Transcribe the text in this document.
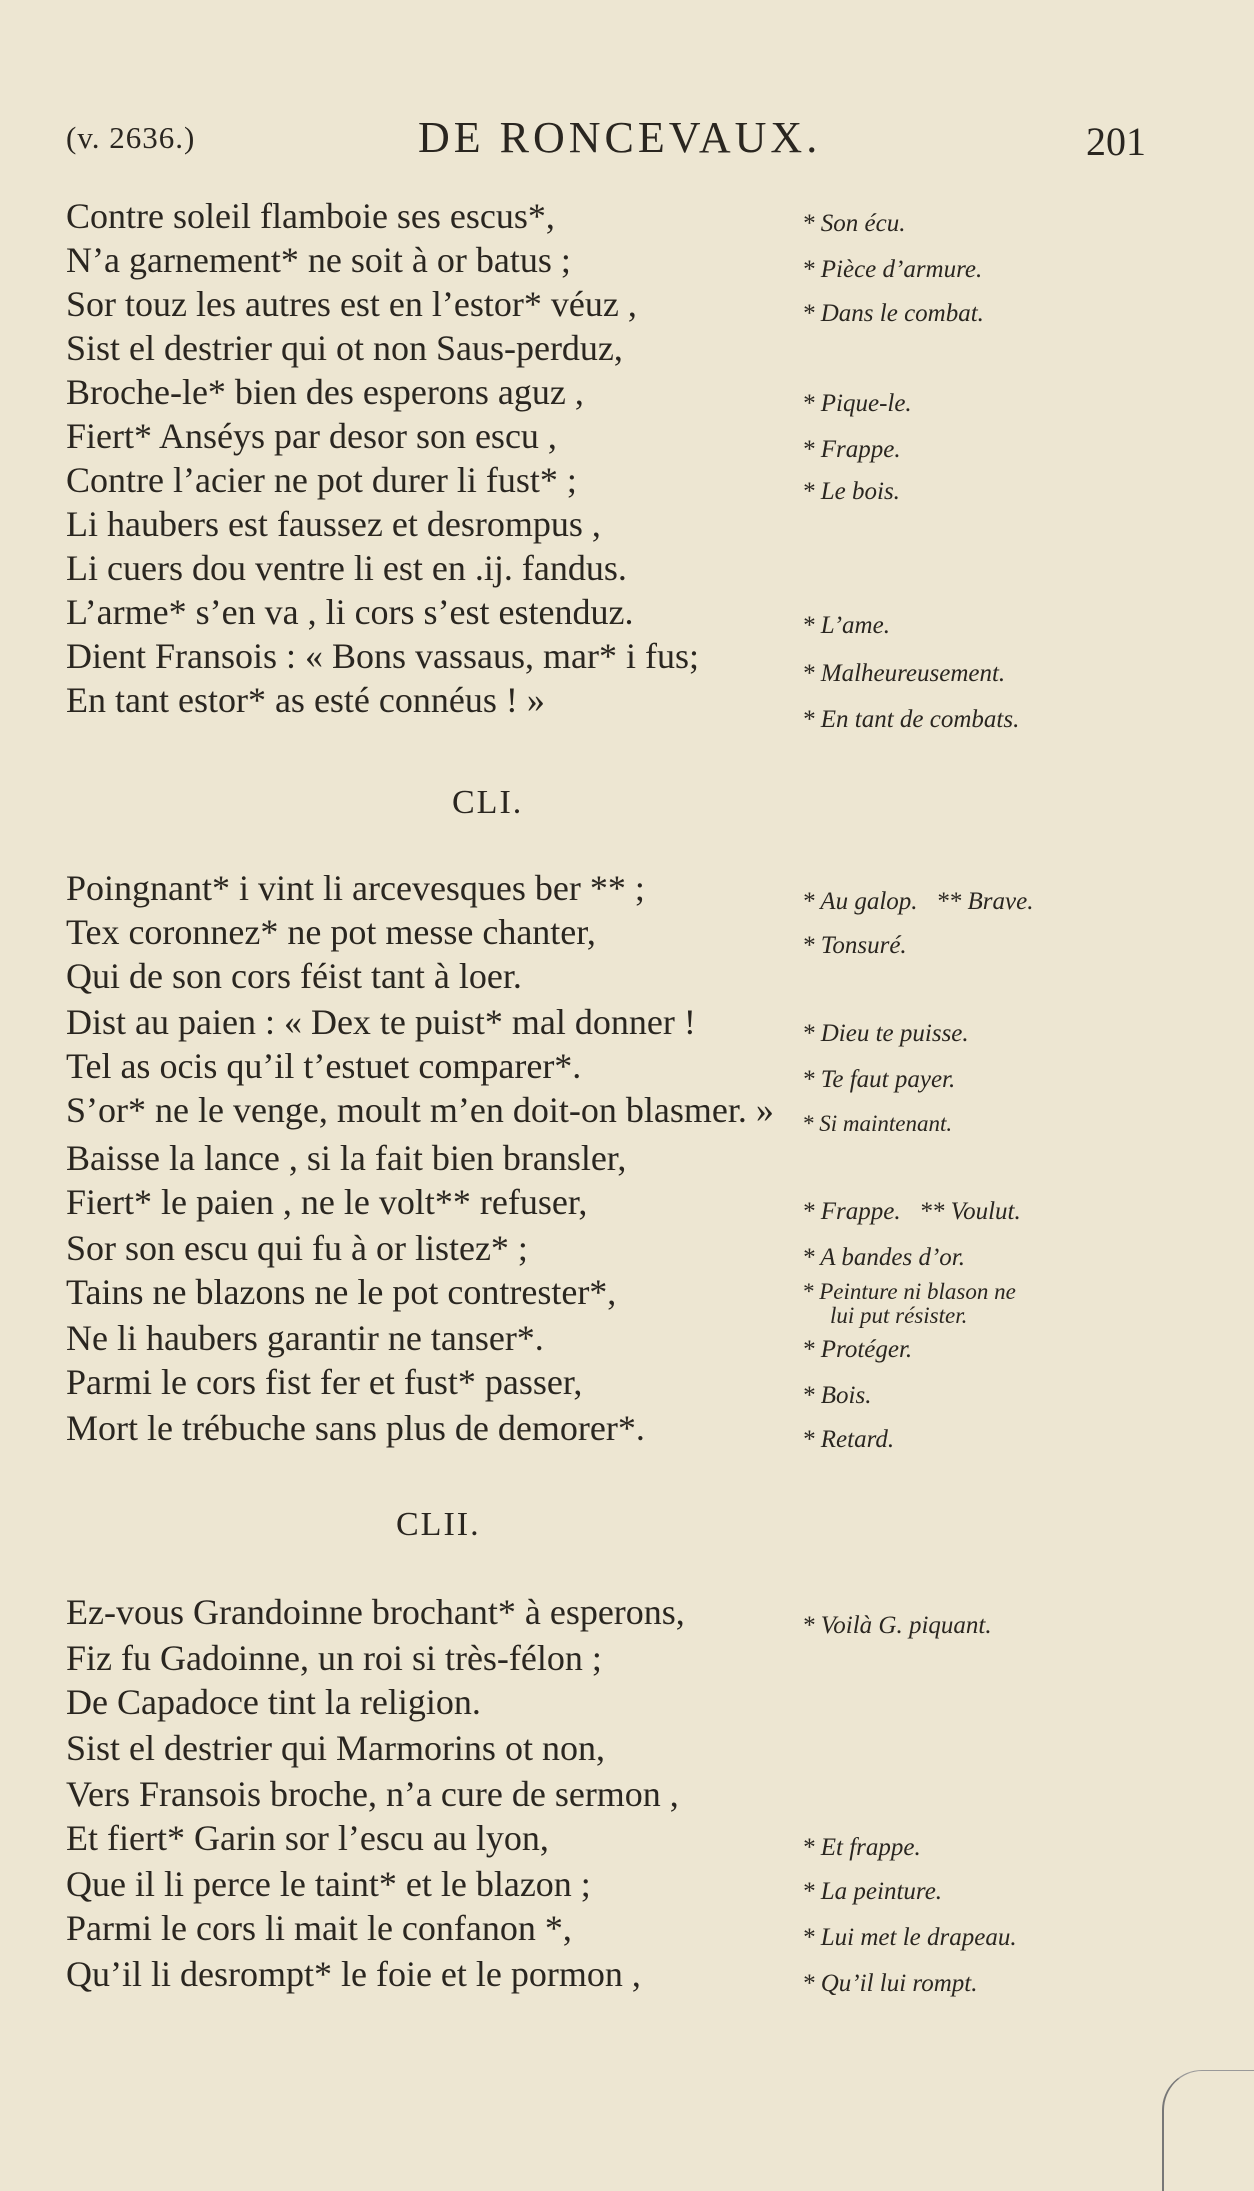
(v. 2636.)	DE RONCEVAUX.	201
Contre soleil flamboie ses escus*,
N’a garnement* ne soit à or batus ;
Sor touz les autres est en l’estor* véuz ,
Sist el destrier qui ot non Saus-perduz,
Broche-le* bien des esperons aguz ,
Fiert* Anséys par desor son escu ,
Contre l’acier ne pot durer li fust* ;
Li haubers est faussez et desrompus ,
Li cuers dou ventre li est en .ij. fandus.
L’arme* s’en va , li cors s’est estenduz.
Dient Fransois : « Bons vassaus, mar* i fus;
En tant estor* as esté connéus ! »
* Son écu.
* Pièce d’armure.
* Dans le combat.
* Pique-le.
* Frappe.
* Le bois.
* L’ame.
* Malheureusement.
* En tant de combats.
CLI.
Poingnant* i vint li arcevesques ber ** ;
Tex coronnez* ne pot messe chanter,
Qui de son cors féist tant à loer.
Dist au paien : « Dex te puist* mal donner !
Tel as ocis qu’il t’estuet comparer*.
S’or* ne le venge, moult m’en doit-on blasmer. »
Baisse la lance , si la fait bien bransler,
Fiert* le paien , ne le volt** refuser,
Sor son escu qui fu à or listez* ;
Tains ne blazons ne le pot contrester*,
Ne li haubers garantir ne tanser*.
Parmi le cors fist fer et fust* passer,
Mort le trébuche sans plus de demorer*.
* Au galop.   ** Brave.
* Tonsuré.
* Dieu te puisse.
* Te faut payer.
* Si maintenant.
* Frappe.   ** Voulut.
* A bandes d’or.
* Peinture ni blason ne
lui put résister.
* Protéger.
* Bois.
* Retard.
CLII.
Ez-vous Grandoinne brochant* à esperons,
Fiz fu Gadoinne, un roi si très-félon ;
De Capadoce tint la religion.
Sist el destrier qui Marmorins ot non,
Vers Fransois broche, n’a cure de sermon ,
Et fiert* Garin sor l’escu au lyon,
Que il li perce le taint* et le blazon ;
Parmi le cors li mait le confanon *,
Qu’il li desrompt* le foie et le pormon ,
* Voilà G. piquant.
* Et frappe.
* La peinture.
* Lui met le drapeau.
* Qu’il lui rompt.
